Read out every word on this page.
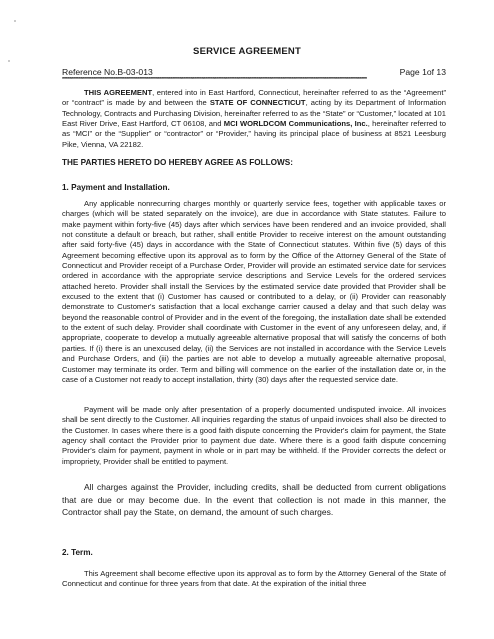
SERVICE AGREEMENT
Reference No.B-03-013	Page 1of 13
**********************************************************************************************************************************************************************
THIS AGREEMENT, entered into in East Hartford, Connecticut, hereinafter referred to as the “Agreement” or “contract” is made by and between the STATE OF CONNECTICUT, acting by its Department of Information Technology, Contracts and Purchasing Division, hereinafter referred to as the “State” or “Customer,” located at 101 East River Drive, East Hartford, CT 06108, and MCI WORLDCOM Communications, Inc., hereinafter referred to as “MCI” or the “Supplier” or “contractor” or “Provider,” having its principal place of business at 8521 Leesburg Pike, Vienna, VA 22182.
THE PARTIES HERETO DO HEREBY AGREE AS FOLLOWS:
1. Payment and Installation.
Any applicable nonrecurring charges monthly or quarterly service fees, together with applicable taxes or charges (which will be stated separately on the invoice), are due in accordance with State statutes. Failure to make payment within forty-five (45) days after which services have been rendered and an invoice provided, shall not constitute a default or breach, but rather, shall entitle Provider to receive interest on the amount outstanding after said forty-five (45) days in accordance with the State of Connecticut statutes. Within five (5) days of this Agreement becoming effective upon its approval as to form by the Office of the Attorney General of the State of Connecticut and Provider receipt of a Purchase Order, Provider will provide an estimated service date for services ordered in accordance with the appropriate service descriptions and Service Levels for the ordered services attached hereto. Provider shall install the Services by the estimated service date provided that Provider shall be excused to the extent that (i) Customer has caused or contributed to a delay, or (ii) Provider can reasonably demonstrate to Customer's satisfaction that a local exchange carrier caused a delay and that such delay was beyond the reasonable control of Provider and in the event of the foregoing, the installation date shall be extended to the extent of such delay. Provider shall coordinate with Customer in the event of any unforeseen delay, and, if appropriate, cooperate to develop a mutually agreeable alternative proposal that will satisfy the concerns of both parties. If (i) there is an unexcused delay, (ii) the Services are not installed in accordance with the Service Levels and Purchase Orders, and (iii) the parties are not able to develop a mutually agreeable alternative proposal, Customer may terminate its order. Term and billing will commence on the earlier of the installation date or, in the case of a Customer not ready to accept installation, thirty (30) days after the requested service date.
Payment will be made only after presentation of a properly documented undisputed invoice. All invoices shall be sent directly to the Customer. All inquiries regarding the status of unpaid invoices shall also be directed to the Customer. In cases where there is a good faith dispute concerning the Provider's claim for payment, the State agency shall contact the Provider prior to payment due date. Where there is a good faith dispute concerning Provider's claim for payment, payment in whole or in part may be withheld. If the Provider corrects the defect or impropriety, Provider shall be entitled to payment.
All charges against the Provider, including credits, shall be deducted from current obligations that are due or may become due. In the event that collection is not made in this manner, the Contractor shall pay the State, on demand, the amount of such charges.
2. Term.
This Agreement shall become effective upon its approval as to form by the Attorney General of the State of Connecticut and continue for three years from that date. At the expiration of the initial three
